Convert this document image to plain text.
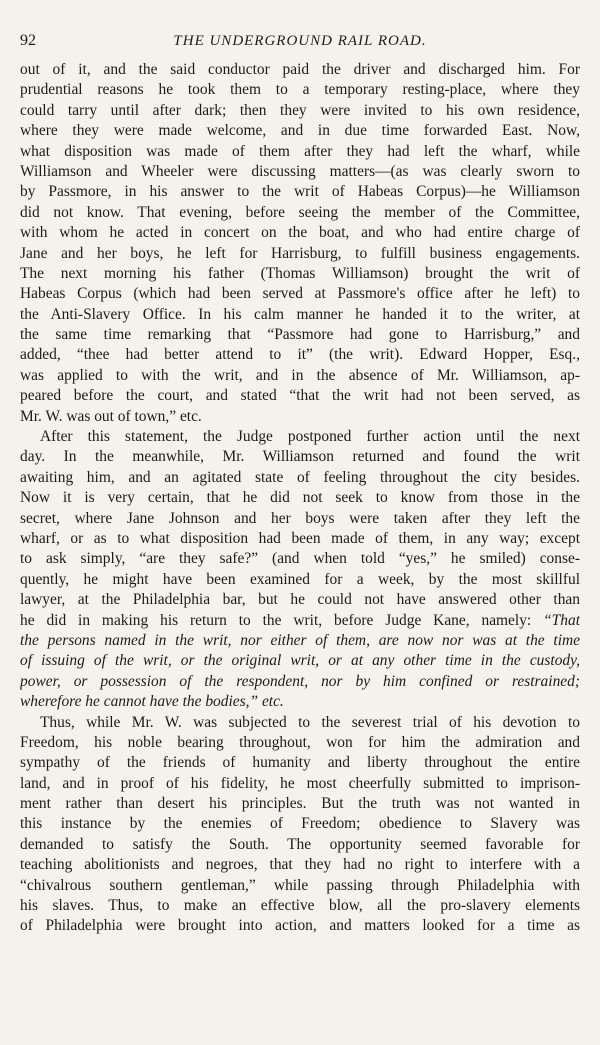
92	THE UNDERGROUND RAIL ROAD.
out of it, and the said conductor paid the driver and discharged him. For
prudential reasons he took them to a temporary resting-place, where they
could tarry until after dark; then they were invited to his own residence,
where they were made welcome, and in due time forwarded East. Now,
what disposition was made of them after they had left the wharf, while
Williamson and Wheeler were discussing matters—(as was clearly sworn to
by Passmore, in his answer to the writ of Habeas Corpus)—he Williamson
did not know. That evening, before seeing the member of the Committee,
with whom he acted in concert on the boat, and who had entire charge of
Jane and her boys, he left for Harrisburg, to fulfill business engagements.
The next morning his father (Thomas Williamson) brought the writ of
Habeas Corpus (which had been served at Passmore's office after he left) to
the Anti-Slavery Office. In his calm manner he handed it to the writer, at
the same time remarking that “Passmore had gone to Harrisburg,” and
added, “thee had better attend to it” (the writ). Edward Hopper, Esq.,
was applied to with the writ, and in the absence of Mr. Williamson, ap-
peared before the court, and stated “that the writ had not been served, as
Mr. W. was out of town,” etc.
After this statement, the Judge postponed further action until the next
day. In the meanwhile, Mr. Williamson returned and found the writ
awaiting him, and an agitated state of feeling throughout the city besides.
Now it is very certain, that he did not seek to know from those in the
secret, where Jane Johnson and her boys were taken after they left the
wharf, or as to what disposition had been made of them, in any way; except
to ask simply, “are they safe?” (and when told “yes,” he smiled) conse-
quently, he might have been examined for a week, by the most skillful
lawyer, at the Philadelphia bar, but he could not have answered other than
he did in making his return to the writ, before Judge Kane, namely: “That
the persons named in the writ, nor either of them, are now nor was at the time
of issuing of the writ, or the original writ, or at any other time in the custody,
power, or possession of the respondent, nor by him confined or restrained;
wherefore he cannot have the bodies,” etc.
Thus, while Mr. W. was subjected to the severest trial of his devotion to
Freedom, his noble bearing throughout, won for him the admiration and
sympathy of the friends of humanity and liberty throughout the entire
land, and in proof of his fidelity, he most cheerfully submitted to imprison-
ment rather than desert his principles. But the truth was not wanted in
this instance by the enemies of Freedom; obedience to Slavery was
demanded to satisfy the South. The opportunity seemed favorable for
teaching abolitionists and negroes, that they had no right to interfere with a
“chivalrous southern gentleman,” while passing through Philadelphia with
his slaves. Thus, to make an effective blow, all the pro-slavery elements
of Philadelphia were brought into action, and matters looked for a time as
